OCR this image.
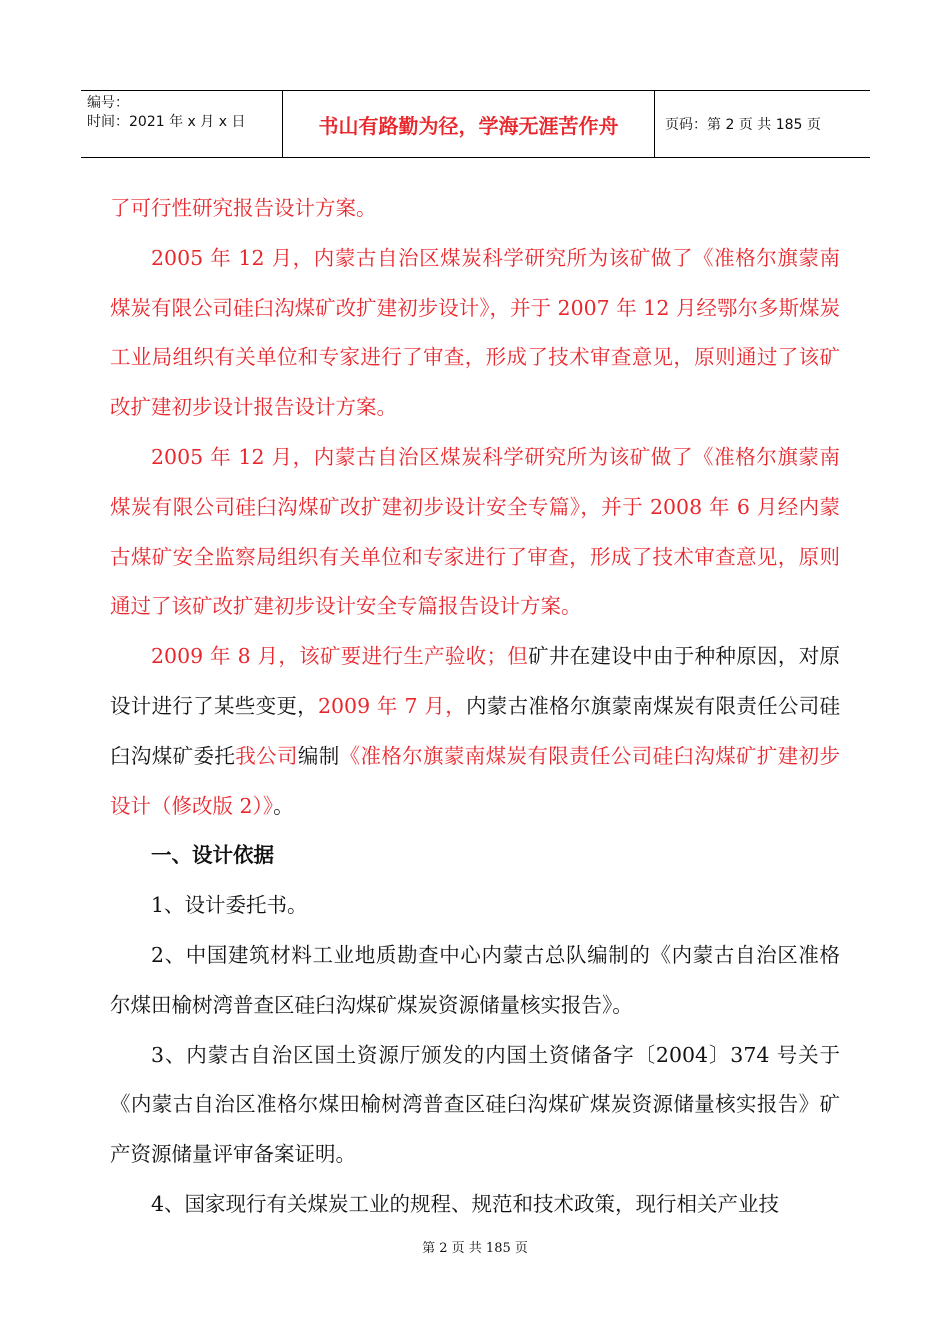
编号：
时间：2021 年 x 月 x 日	书山有路勤为径，学海无涯苦作舟	页码：第 2 页 共 185 页

了可行性研究报告设计方案。

2005 年 12 月，内蒙古自治区煤炭科学研究所为该矿做了《准格尔旗蒙南煤炭有限公司硅臼沟煤矿改扩建初步设计》，并于 2007 年 12 月经鄂尔多斯煤炭工业局组织有关单位和专家进行了审查，形成了技术审查意见，原则通过了该矿改扩建初步设计报告设计方案。

2005 年 12 月，内蒙古自治区煤炭科学研究所为该矿做了《准格尔旗蒙南煤炭有限公司硅臼沟煤矿改扩建初步设计安全专篇》，并于 2008 年 6 月经内蒙古煤矿安全监察局组织有关单位和专家进行了审查，形成了技术审查意见，原则通过了该矿改扩建初步设计安全专篇报告设计方案。

2009 年 8 月，该矿要进行生产验收；但矿井在建设中由于种种原因，对原设计进行了某些变更，2009 年 7 月，内蒙古准格尔旗蒙南煤炭有限责任公司硅臼沟煤矿委托我公司编制《准格尔旗蒙南煤炭有限责任公司硅臼沟煤矿扩建初步设计（修改版 2）》。

一、设计依据

1、设计委托书。

2、中国建筑材料工业地质勘查中心内蒙古总队编制的《内蒙古自治区准格尔煤田榆树湾普查区硅臼沟煤矿煤炭资源储量核实报告》。

3、内蒙古自治区国土资源厅颁发的内国土资储备字〔2004〕374 号关于《内蒙古自治区准格尔煤田榆树湾普查区硅臼沟煤矿煤炭资源储量核实报告》矿产资源储量评审备案证明。

4、国家现行有关煤炭工业的规程、规范和技术政策，现行相关产业技

第 2 页 共 185 页
